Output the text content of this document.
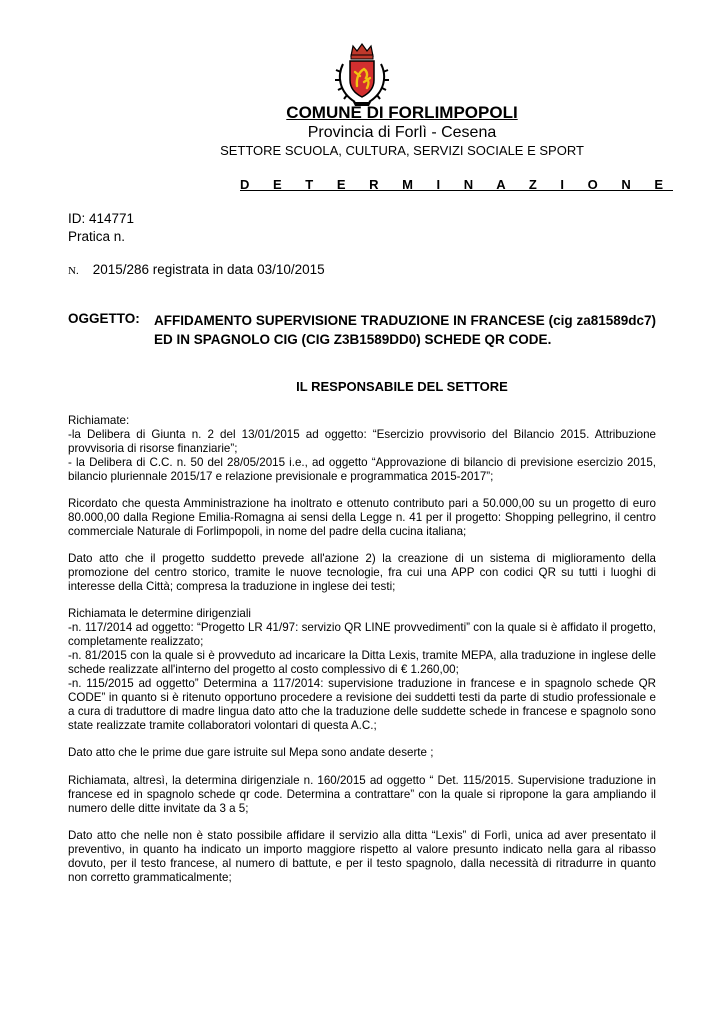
COMUNE DI FORLIMPOPOLI
Provincia di Forlì - Cesena
SETTORE SCUOLA, CULTURA, SERVIZI SOCIALE E SPORT
D E T E R M I N A Z I O N E
ID: 414771
Pratica n.
N. 2015/286 registrata in data 03/10/2015
OGGETTO: AFFIDAMENTO SUPERVISIONE TRADUZIONE IN FRANCESE (cig za81589dc7) ED IN SPAGNOLO CIG (CIG Z3B1589DD0) SCHEDE QR CODE.
IL RESPONSABILE DEL SETTORE
Richiamate:
-la Delibera di Giunta n. 2 del 13/01/2015 ad oggetto: “Esercizio provvisorio del Bilancio 2015. Attribuzione provvisoria di risorse finanziarie”;
- la Delibera di C.C. n. 50 del 28/05/2015 i.e., ad oggetto “Approvazione di bilancio di previsione esercizio 2015, bilancio pluriennale 2015/17 e relazione previsionale e programmatica 2015-2017”;
Ricordato che questa Amministrazione ha inoltrato e ottenuto contributo pari a 50.000,00 su un progetto di euro 80.000,00 dalla Regione Emilia-Romagna ai sensi della Legge n. 41 per il progetto: Shopping pellegrino, il centro commerciale Naturale di Forlimpopoli, in nome del padre della cucina italiana;
Dato atto che il progetto suddetto prevede all'azione 2) la creazione di un sistema di miglioramento della promozione del centro storico, tramite le nuove tecnologie, fra cui una APP con codici QR su tutti i luoghi di interesse della Città; compresa la traduzione in inglese dei testi;
Richiamata le determine dirigenziali
-n. 117/2014 ad oggetto: “Progetto LR 41/97: servizio QR LINE provvedimenti” con la quale si è affidato il progetto, completamente realizzato;
-n. 81/2015 con la quale si è provveduto ad incaricare la Ditta Lexis, tramite MEPA, alla traduzione in inglese delle schede realizzate all'interno del progetto al costo complessivo di € 1.260,00;
-n. 115/2015 ad oggetto” Determina a 117/2014: supervisione traduzione in francese e in spagnolo schede QR CODE” in quanto si è ritenuto opportuno procedere a revisione dei suddetti testi da parte di studio professionale e a cura di traduttore di madre lingua dato atto che la traduzione delle suddette schede in francese e spagnolo sono state realizzate tramite collaboratori volontari di questa A.C.;
Dato atto che le prime due gare istruite sul Mepa sono andate deserte ;
Richiamata, altresì, la determina dirigenziale n. 160/2015 ad oggetto “ Det. 115/2015. Supervisione traduzione in francese ed in spagnolo schede qr code. Determina a contrattare” con la quale si ripropone la gara ampliando il numero delle ditte invitate da 3 a 5;
Dato atto che nelle non è stato possibile affidare il servizio alla ditta “Lexis” di Forlì, unica ad aver presentato il preventivo, in quanto ha indicato un importo maggiore rispetto al valore presunto indicato nella gara al ribasso dovuto, per il testo francese, al numero di battute, e per il testo spagnolo, dalla necessità di ritradurre in quanto non corretto grammaticalmente;
